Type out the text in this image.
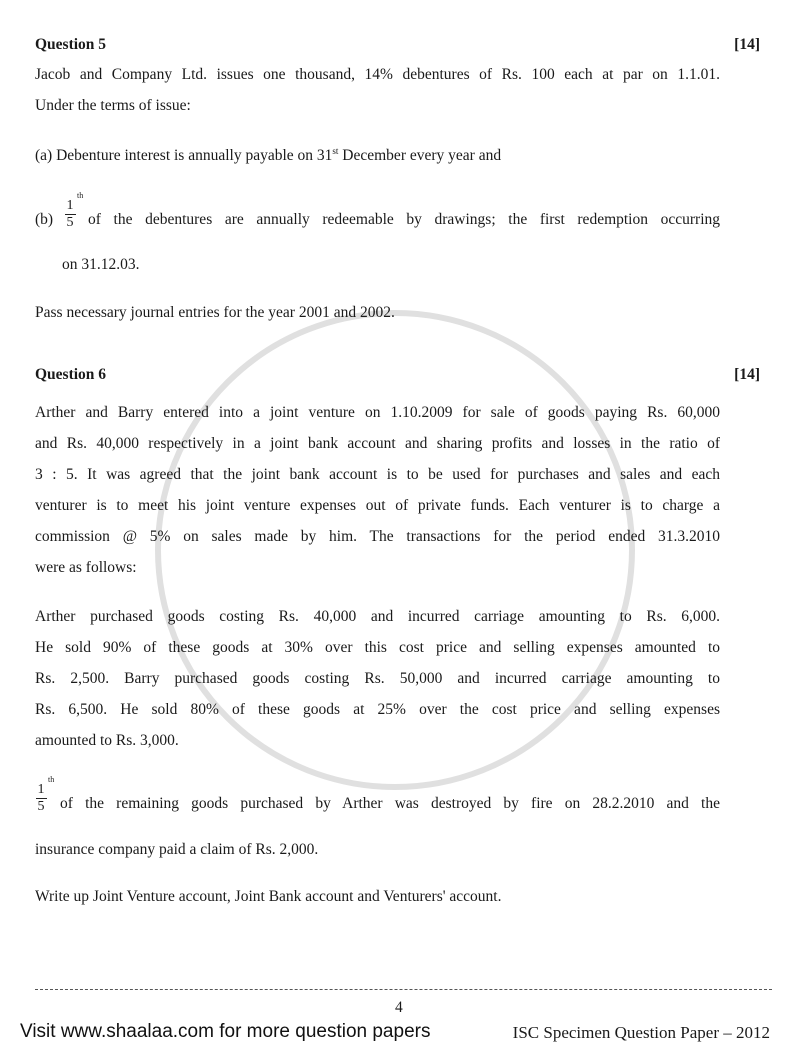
Question 5	[14]
Jacob and Company Ltd. issues one thousand, 14% debentures of Rs. 100 each at par on 1.1.01.
Under the terms of issue:
(a) Debenture interest is annually payable on 31st December every year and
(b)
1
5
th
of the debentures are annually redeemable by drawings; the first redemption occurring
on 31.12.03.
Pass necessary journal entries for the year 2001 and 2002.
Question 6	[14]
Arther and Barry entered into a joint venture on 1.10.2009 for sale of goods paying Rs. 60,000
and Rs. 40,000 respectively in a joint bank account and sharing profits and losses in the ratio of
3 : 5. It was agreed that the joint bank account is to be used for purchases and sales and each
venturer is to meet his joint venture expenses out of private funds. Each venturer is to charge a
commission @ 5% on sales made by him. The transactions for the period ended 31.3.2010
were as follows:
Arther purchased goods costing Rs. 40,000 and incurred carriage amounting to Rs. 6,000.
He sold 90% of these goods at 30% over this cost price and selling expenses amounted to
Rs. 2,500. Barry purchased goods costing Rs. 50,000 and incurred carriage amounting to
Rs. 6,500. He sold 80% of these goods at 25% over the cost price and selling expenses
amounted to Rs. 3,000.
1
5
th
of the remaining goods purchased by Arther was destroyed by fire on 28.2.2010 and the
insurance company paid a claim of Rs. 2,000.
Write up Joint Venture account, Joint Bank account and Venturers' account.
4
Visit www.shaalaa.com for more question papers	ISC Specimen Question Paper – 2012
